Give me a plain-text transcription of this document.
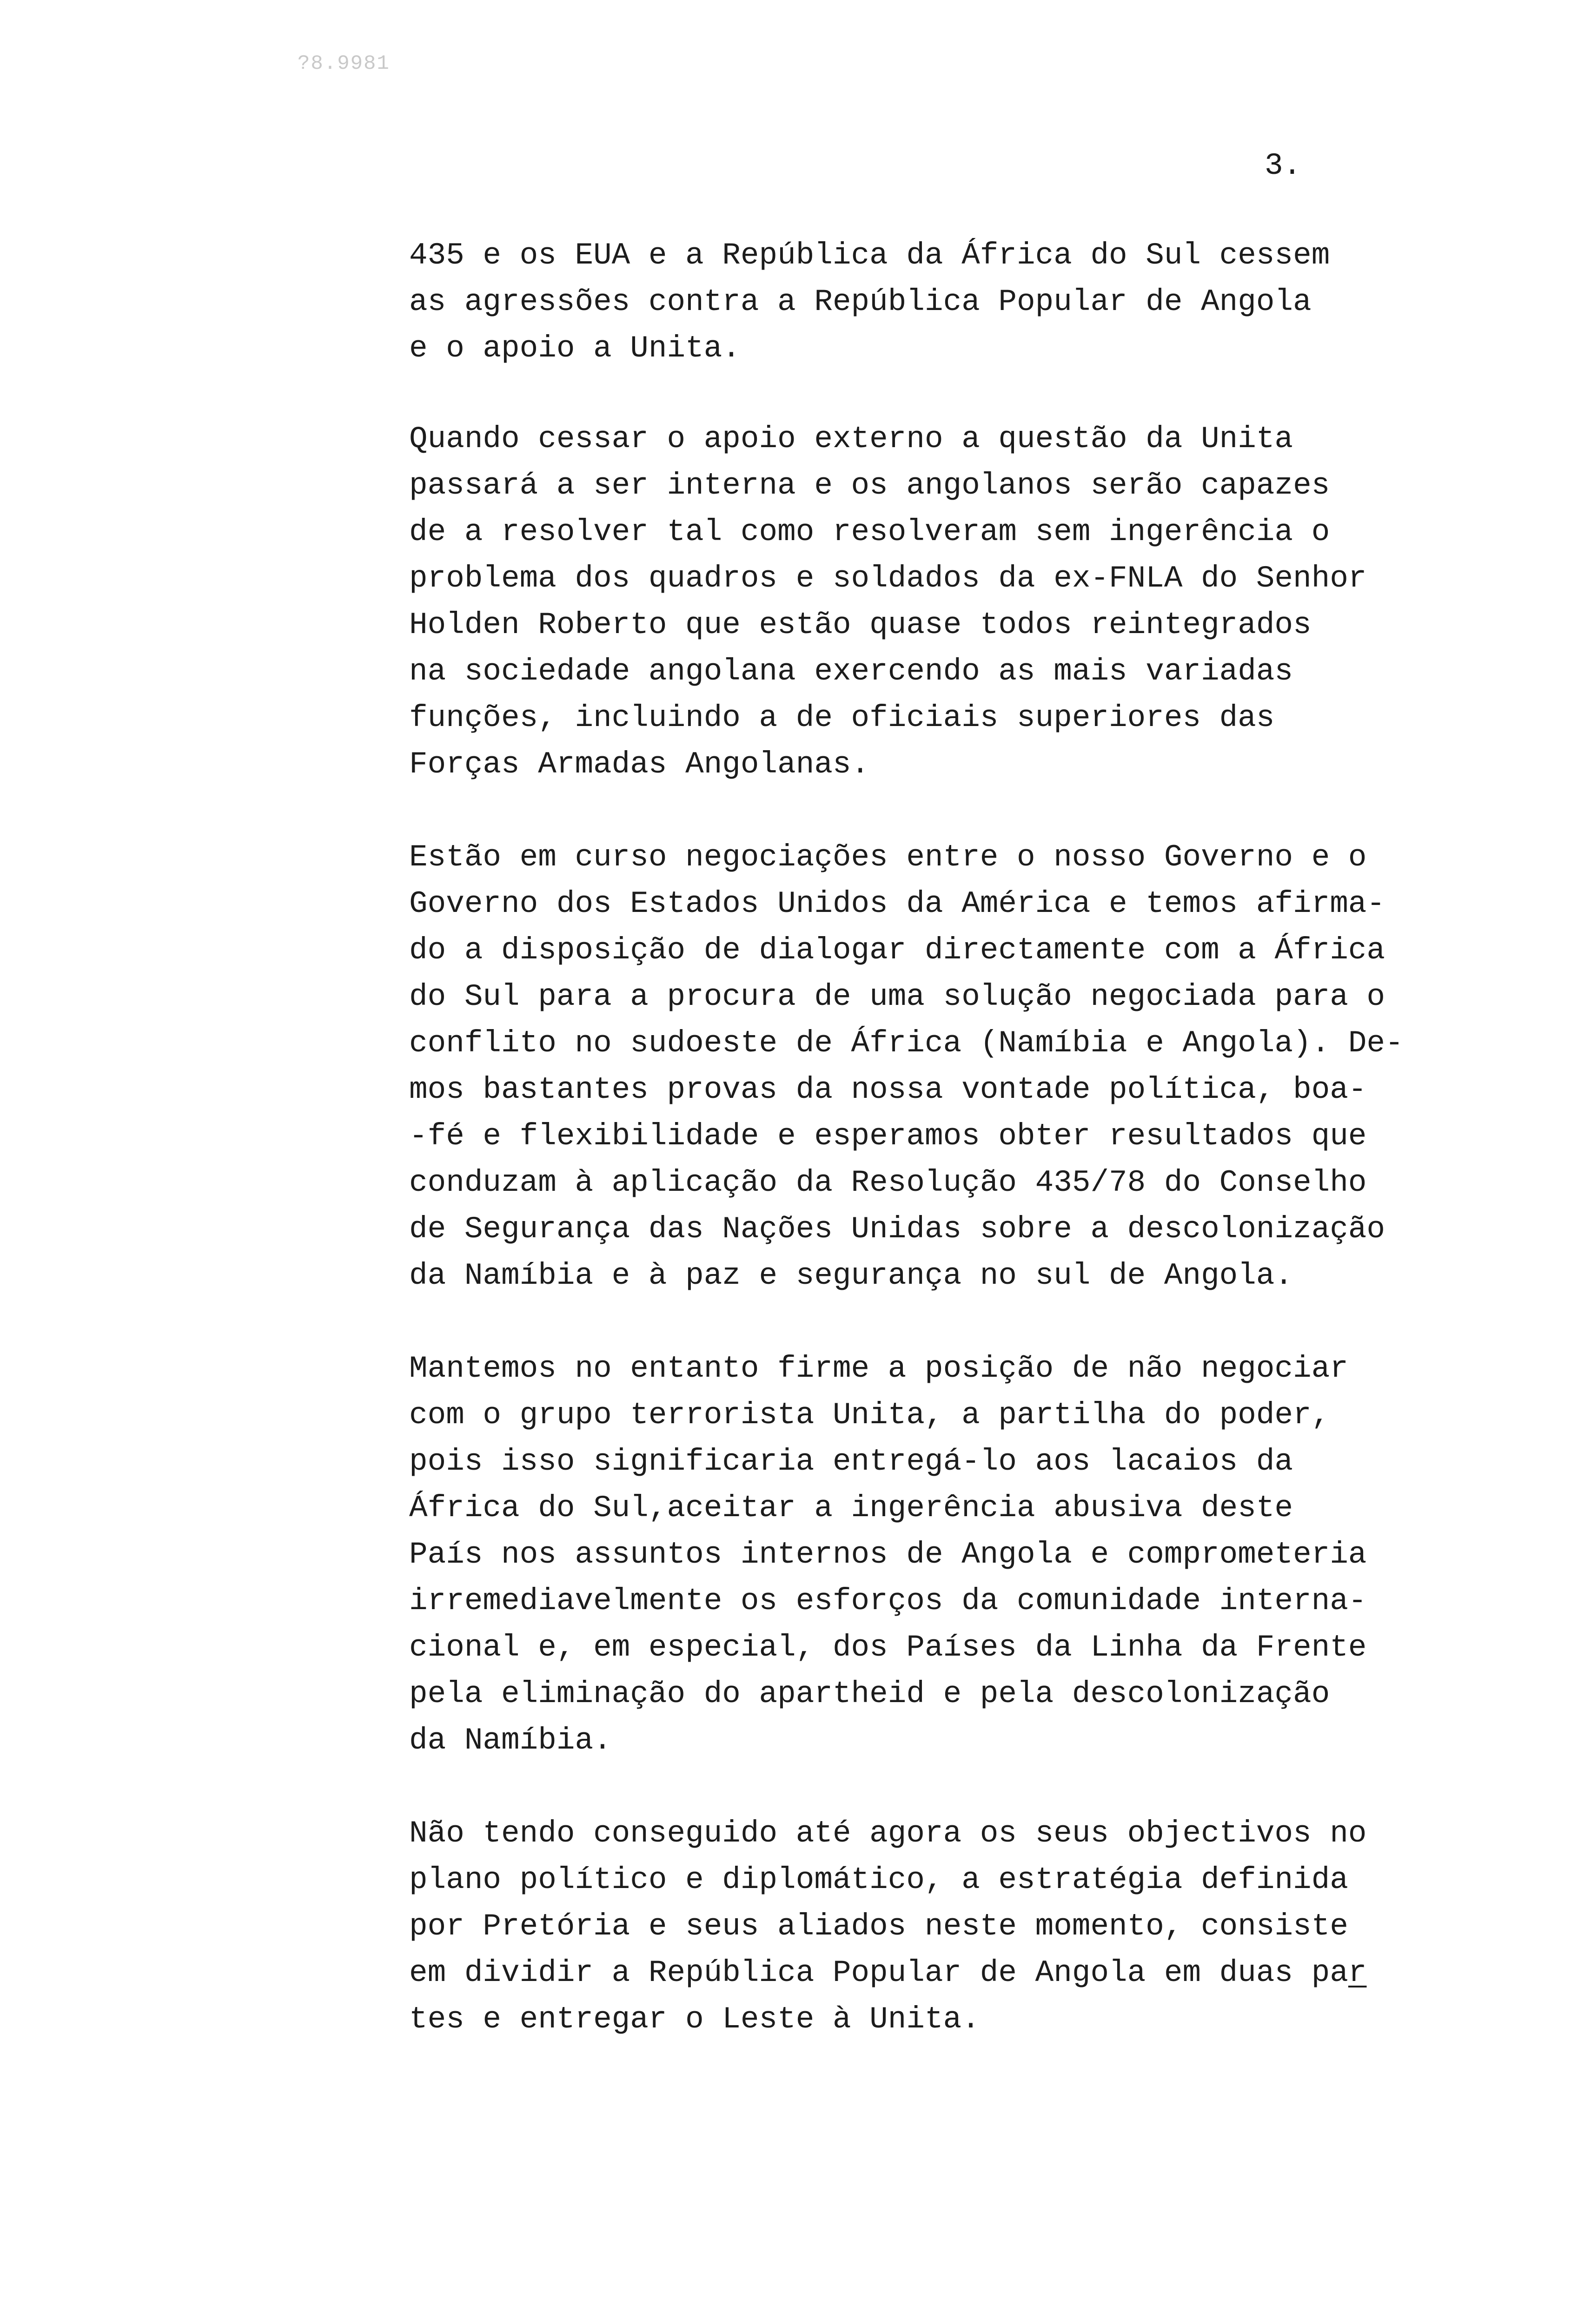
?8.9981
3.
435 e os EUA e a República da África do Sul cessem
as agressões contra a República Popular de Angola
e o apoio a Unita.
Quando cessar o apoio externo a questão da Unita
passará a ser interna e os angolanos serão capazes
de a resolver tal como resolveram sem ingerência o
problema dos quadros e soldados da ex-FNLA do Senhor
Holden Roberto que estão quase todos reintegrados
na sociedade angolana exercendo as mais variadas
funções, incluindo a de oficiais superiores das
Forças Armadas Angolanas.
Estão em curso negociações entre o nosso Governo e o
Governo dos Estados Unidos da América e temos afirma-
do a disposição de dialogar directamente com a África
do Sul para a procura de uma solução negociada para o
conflito no sudoeste de África (Namíbia e Angola). De-
mos bastantes provas da nossa vontade política, boa-
-fé e flexibilidade e esperamos obter resultados que
conduzam à aplicação da Resolução 435/78 do Conselho
de Segurança das Nações Unidas sobre a descolonização
da Namíbia e à paz e segurança no sul de Angola.
Mantemos no entanto firme a posição de não negociar
com o grupo terrorista Unita, a partilha do poder,
pois isso significaria entregá-lo aos lacaios da
África do Sul,aceitar a ingerência abusiva deste
País nos assuntos internos de Angola e comprometeria
irremediavelmente os esforços da comunidade interna-
cional e, em especial, dos Países da Linha da Frente
pela eliminação do apartheid e pela descolonização
da Namíbia.
Não tendo conseguido até agora os seus objectivos no
plano político e diplomático, a estratégia definida
por Pretória e seus aliados neste momento, consiste
em dividir a República Popular de Angola em duas par
tes e entregar o Leste à Unita.
